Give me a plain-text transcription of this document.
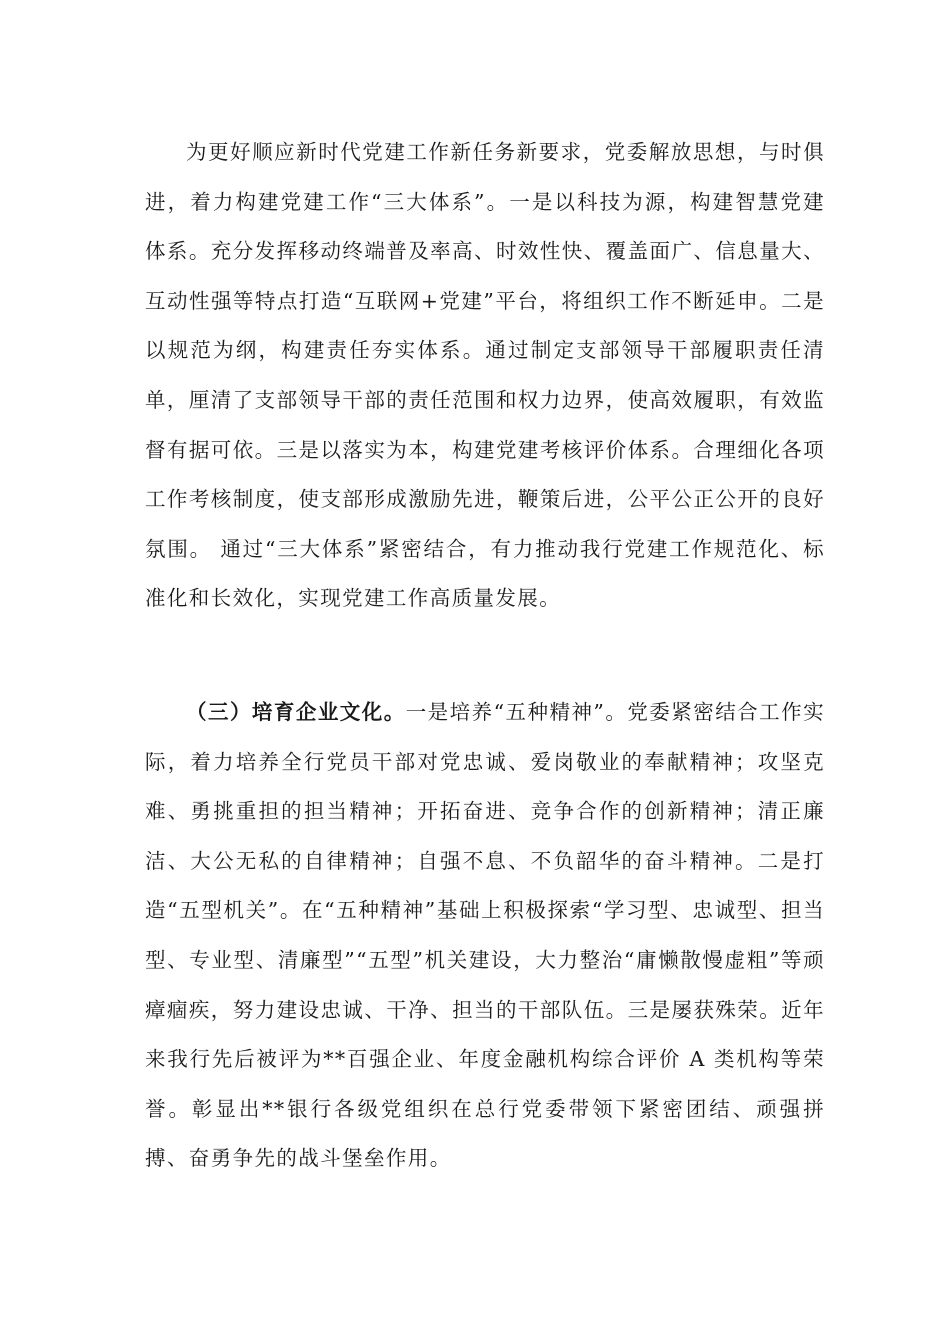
为更好顺应新时代党建工作新任务新要求，党委解放思想，与时俱进，着力构建党建工作“三大体系”。一是以科技为源，构建智慧党建体系。充分发挥移动终端普及率高、时效性快、覆盖面广、信息量大、互动性强等特点打造“互联网+党建”平台，将组织工作不断延申。二是以规范为纲，构建责任夯实体系。通过制定支部领导干部履职责任清单，厘清了支部领导干部的责任范围和权力边界，使高效履职，有效监督有据可依。三是以落实为本，构建党建考核评价体系。合理细化各项工作考核制度，使支部形成激励先进，鞭策后进，公平公正公开的良好氛围。 通过“三大体系”紧密结合，有力推动我行党建工作规范化、标准化和长效化，实现党建工作高质量发展。

（三）培育企业文化。一是培养“五种精神”。党委紧密结合工作实际，着力培养全行党员干部对党忠诚、爱岗敬业的奉献精神；攻坚克难、勇挑重担的担当精神；开拓奋进、竞争合作的创新精神；清正廉洁、大公无私的自律精神；自强不息、不负韶华的奋斗精神。二是打造“五型机关”。在“五种精神”基础上积极探索“学习型、忠诚型、担当型、专业型、清廉型”“五型”机关建设，大力整治“庸懒散慢虚粗”等顽瘴痼疾，努力建设忠诚、干净、担当的干部队伍。三是屡获殊荣。近年来我行先后被评为**百强企业、年度金融机构综合评价 A 类机构等荣誉。彰显出**银行各级党组织在总行党委带领下紧密团结、顽强拼搏、奋勇争先的战斗堡垒作用。
